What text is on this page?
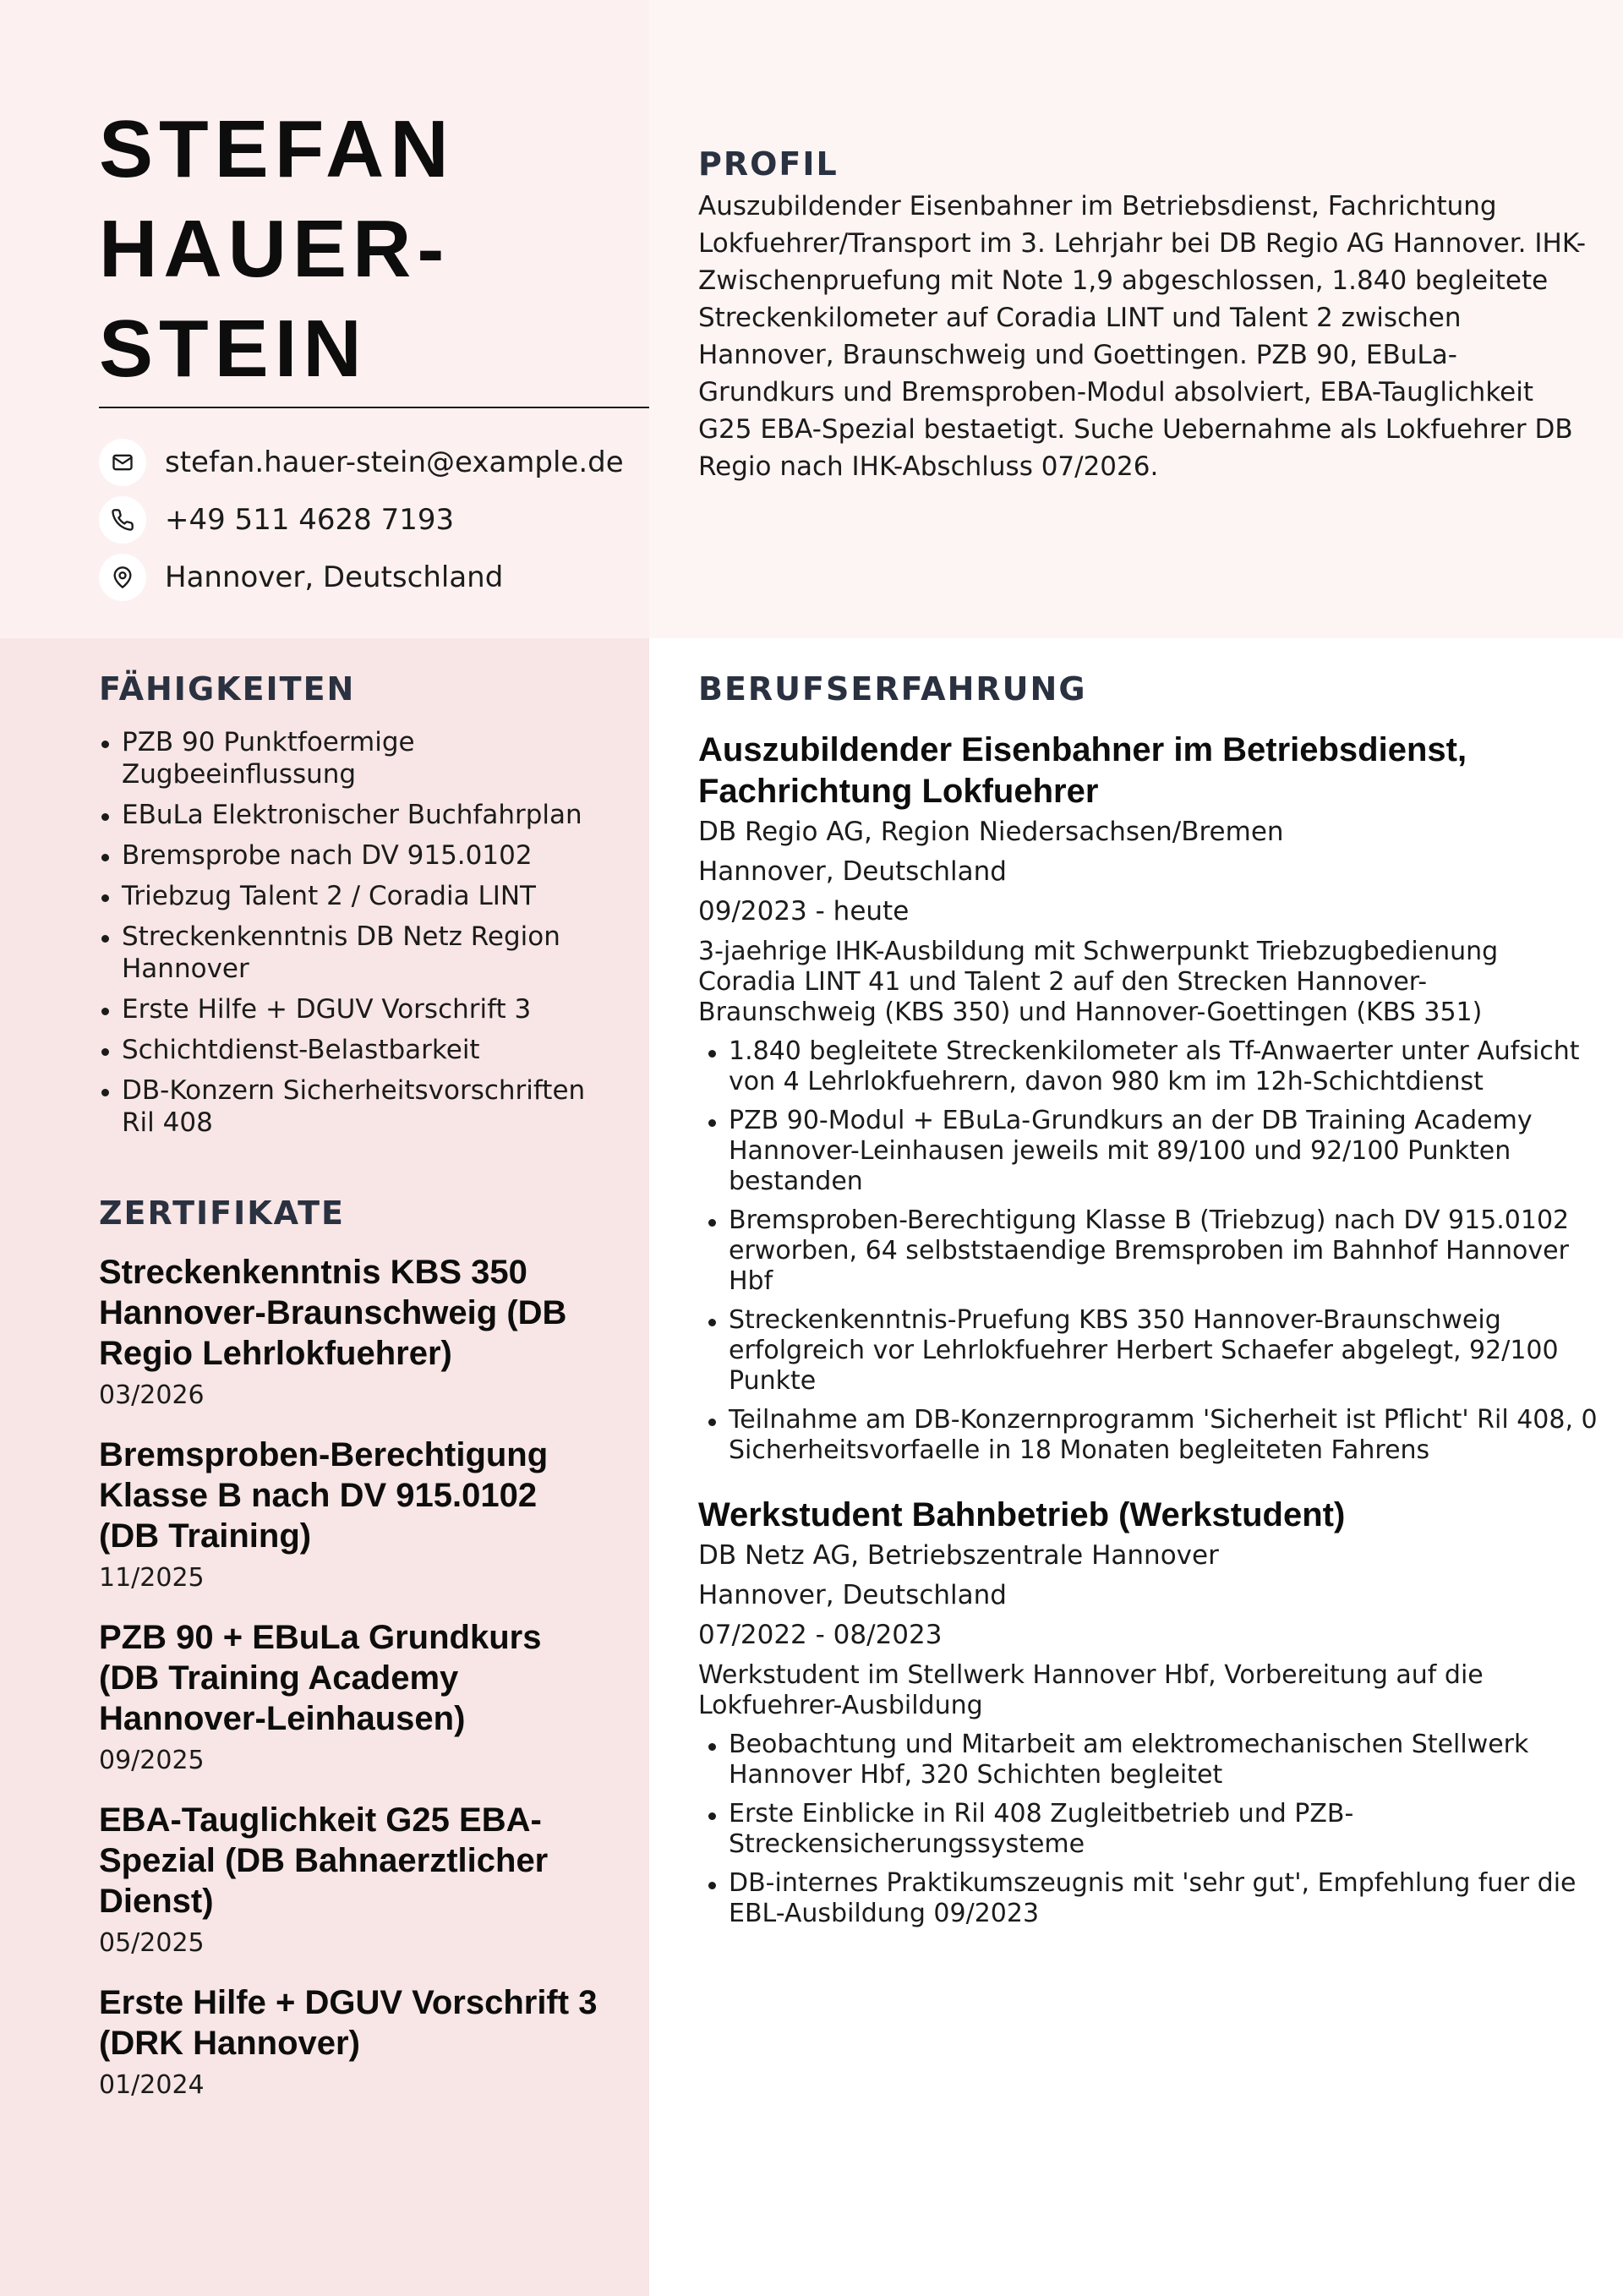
STEFAN
HAUER-
STEIN
stefan.hauer-stein@example.de
+49 511 4628 7193
Hannover, Deutschland
PROFIL
Auszubildender Eisenbahner im Betriebsdienst, Fachrichtung Lokfuehrer/Transport im 3. Lehrjahr bei DB Regio AG Hannover. IHK-Zwischenpruefung mit Note 1,9 abgeschlossen, 1.840 begleitete Streckenkilometer auf Coradia LINT und Talent 2 zwischen Hannover, Braunschweig und Goettingen. PZB 90, EBuLa-Grundkurs und Bremsproben-Modul absolviert, EBA-Tauglichkeit G25 EBA-Spezial bestaetigt. Suche Uebernahme als Lokfuehrer DB Regio nach IHK-Abschluss 07/2026.
FÄHIGKEITEN
PZB 90 Punktfoermige Zugbeeinflussung
EBuLa Elektronischer Buchfahrplan
Bremsprobe nach DV 915.0102
Triebzug Talent 2 / Coradia LINT
Streckenkenntnis DB Netz Region Hannover
Erste Hilfe + DGUV Vorschrift 3
Schichtdienst-Belastbarkeit
DB-Konzern Sicherheitsvorschriften Ril 408
ZERTIFIKATE
Streckenkenntnis KBS 350 Hannover-Braunschweig (DB Regio Lehrlokfuehrer)
03/2026
Bremsproben-Berechtigung Klasse B nach DV 915.0102 (DB Training)
11/2025
PZB 90 + EBuLa Grundkurs (DB Training Academy Hannover-Leinhausen)
09/2025
EBA-Tauglichkeit G25 EBA-Spezial (DB Bahnaerztlicher Dienst)
05/2025
Erste Hilfe + DGUV Vorschrift 3 (DRK Hannover)
01/2024
BERUFSERFAHRUNG
Auszubildender Eisenbahner im Betriebsdienst, Fachrichtung Lokfuehrer
DB Regio AG, Region Niedersachsen/Bremen
Hannover, Deutschland
09/2023 - heute
3-jaehrige IHK-Ausbildung mit Schwerpunkt Triebzugbedienung Coradia LINT 41 und Talent 2 auf den Strecken Hannover-Braunschweig (KBS 350) und Hannover-Goettingen (KBS 351)
1.840 begleitete Streckenkilometer als Tf-Anwaerter unter Aufsicht von 4 Lehrlokfuehrern, davon 980 km im 12h-Schichtdienst
PZB 90-Modul + EBuLa-Grundkurs an der DB Training Academy Hannover-Leinhausen jeweils mit 89/100 und 92/100 Punkten bestanden
Bremsproben-Berechtigung Klasse B (Triebzug) nach DV 915.0102 erworben, 64 selbststaendige Bremsproben im Bahnhof Hannover Hbf
Streckenkenntnis-Pruefung KBS 350 Hannover-Braunschweig erfolgreich vor Lehrlokfuehrer Herbert Schaefer abgelegt, 92/100 Punkte
Teilnahme am DB-Konzernprogramm 'Sicherheit ist Pflicht' Ril 408, 0 Sicherheitsvorfaelle in 18 Monaten begleiteten Fahrens
Werkstudent Bahnbetrieb (Werkstudent)
DB Netz AG, Betriebszentrale Hannover
Hannover, Deutschland
07/2022 - 08/2023
Werkstudent im Stellwerk Hannover Hbf, Vorbereitung auf die Lokfuehrer-Ausbildung
Beobachtung und Mitarbeit am elektromechanischen Stellwerk Hannover Hbf, 320 Schichten begleitet
Erste Einblicke in Ril 408 Zugleitbetrieb und PZB-Streckensicherungssysteme
DB-internes Praktikumszeugnis mit 'sehr gut', Empfehlung fuer die EBL-Ausbildung 09/2023
